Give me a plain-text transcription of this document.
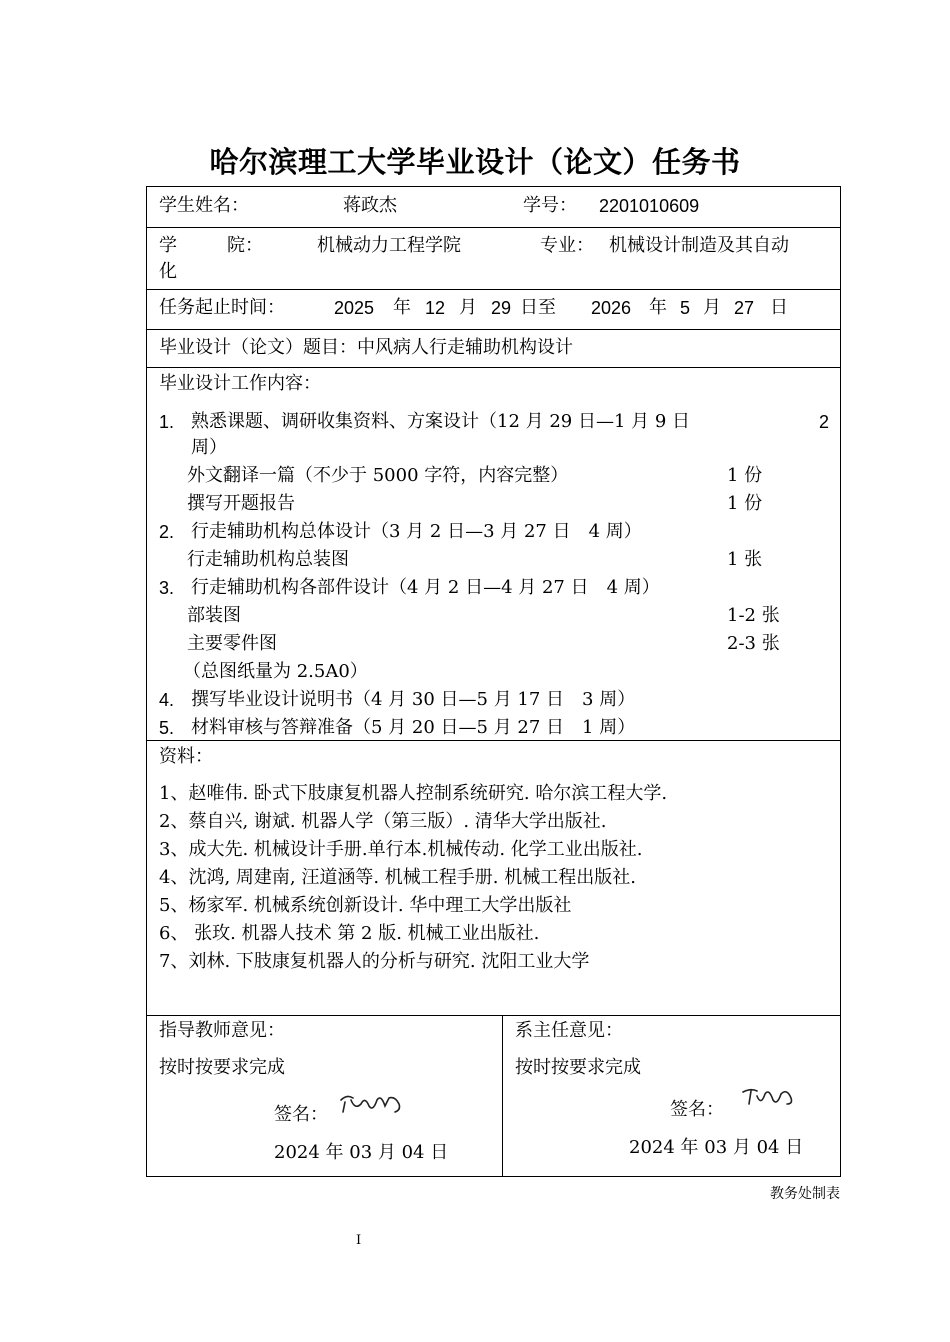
哈尔滨理工大学毕业设计（论文）任务书
学生姓名：	蒋政杰	学号： 2201010609
学	院：	机械动力工程学院	专业： 机械设计制造及其自动
化
任务起止时间：	2025 年 12 月 29 日至 2026 年 5 月 27 日
毕业设计（论文）题目：中风病人行走辅助机构设计
毕业设计工作内容：
1. 熟悉课题、调研收集资料、方案设计（12 月 29 日—1 月 9 日	2
周）
外文翻译一篇（不少于 5000 字符，内容完整）	1 份
撰写开题报告	1 份
2. 行走辅助机构总体设计（3 月 2 日—3 月 27 日　4 周）
行走辅助机构总装图	1 张
3. 行走辅助机构各部件设计（4 月 2 日—4 月 27 日　4 周）
部装图	1-2 张
主要零件图	2-3 张
（总图纸量为 2.5A0）
4. 撰写毕业设计说明书（4 月 30 日—5 月 17 日　3 周）
5. 材料审核与答辩准备（5 月 20 日—5 月 27 日　1 周）
资料：
1、赵唯伟. 卧式下肢康复机器人控制系统研究. 哈尔滨工程大学.
2、蔡自兴, 谢斌. 机器人学（第三版）. 清华大学出版社.
3、成大先. 机械设计手册.单行本.机械传动. 化学工业出版社.
4、沈鸿, 周建南, 汪道涵等. 机械工程手册. 机械工程出版社.
5、杨家军. 机械系统创新设计. 华中理工大学出版社
6、 张玫. 机器人技术 第 2 版. 机械工业出版社.
7、刘林. 下肢康复机器人的分析与研究. 沈阳工业大学
指导教师意见：
按时按要求完成
签名：
2024 年 03 月 04 日
系主任意见：
按时按要求完成
签名：
2024 年 03 月 04 日
教务处制表
I
